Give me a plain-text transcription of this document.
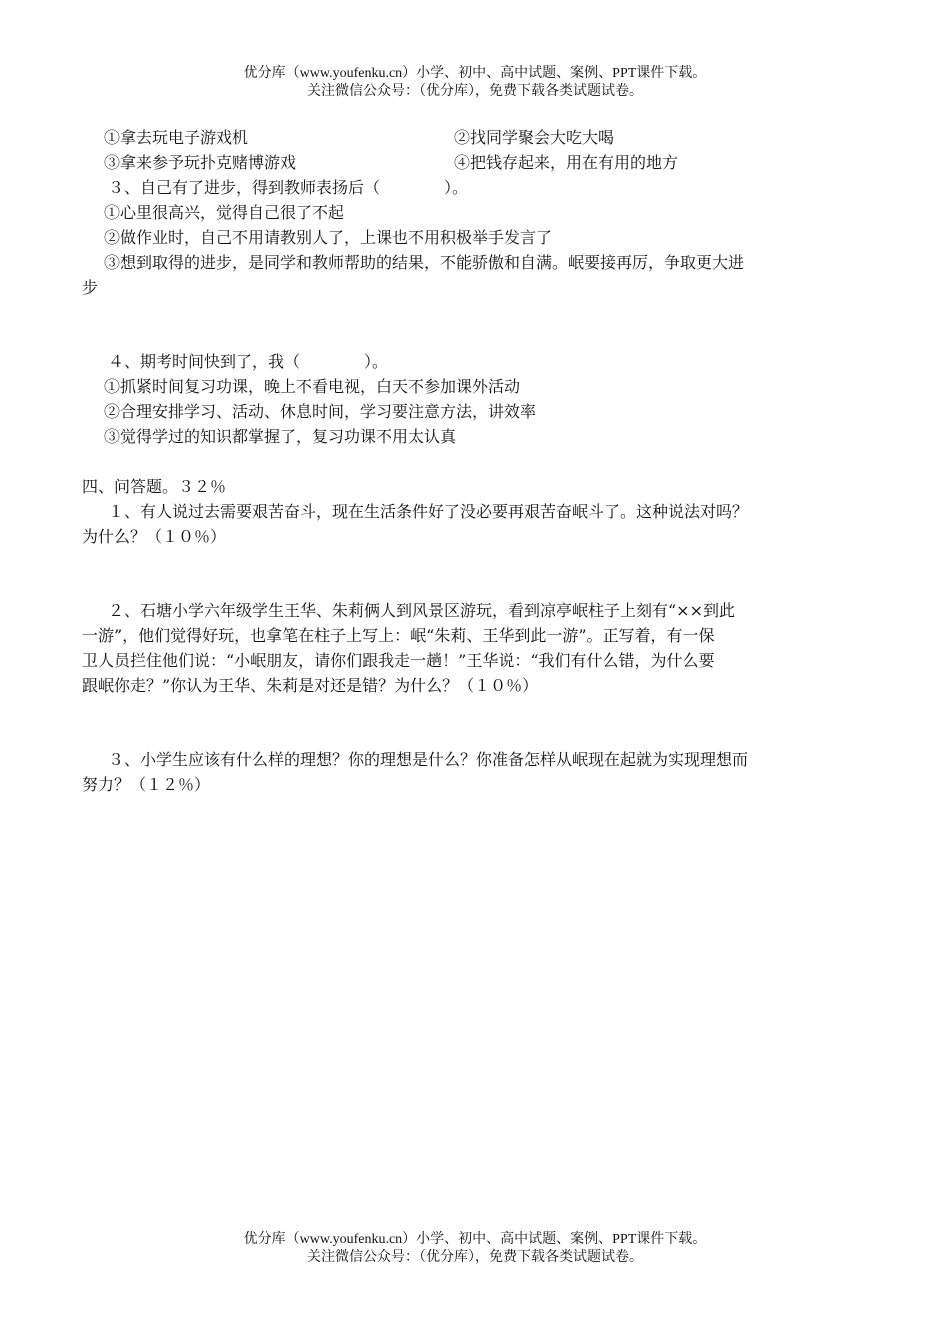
优分库（www.youfenku.cn）小学、初中、高中试题、案例、PPT课件下载。
关注微信公众号：（优分库），免费下载各类试题试卷。
①拿去玩电子游戏机	②找同学聚会大吃大喝
③拿来参予玩扑克赌博游戏	④把钱存起来，用在有用的地方
３、自己有了进步，得到教师表扬后（　　　　）。
①心里很高兴，觉得自己很了不起
②做作业时，自己不用请教别人了，上课也不用积极举手发言了
③想到取得的进步，是同学和教师帮助的结果，不能骄傲和自满。岷要接再厉，争取更大进
步
４、期考时间快到了，我（　　　　）。
①抓紧时间复习功课，晚上不看电视，白天不参加课外活动
②合理安排学习、活动、休息时间，学习要注意方法，讲效率
③觉得学过的知识都掌握了，复习功课不用太认真
四、问答题。３２％
１、有人说过去需要艰苦奋斗，现在生活条件好了没必要再艰苦奋岷斗了。这种说法对吗？
为什么？（１０％）
２、石塘小学六年级学生王华、朱莉俩人到风景区游玩，看到凉亭岷柱子上刻有“××到此
一游”，他们觉得好玩，也拿笔在柱子上写上：岷“朱莉、王华到此一游”。正写着，有一保
卫人员拦住他们说：“小岷朋友，请你们跟我走一趟！”王华说：“我们有什么错，为什么要
跟岷你走？”你认为王华、朱莉是对还是错？为什么？（１０％）
３、小学生应该有什么样的理想？你的理想是什么？你准备怎样从岷现在起就为实现理想而
努力？（１２％）
优分库（www.youfenku.cn）小学、初中、高中试题、案例、PPT课件下载。
关注微信公众号：（优分库），免费下载各类试题试卷。
